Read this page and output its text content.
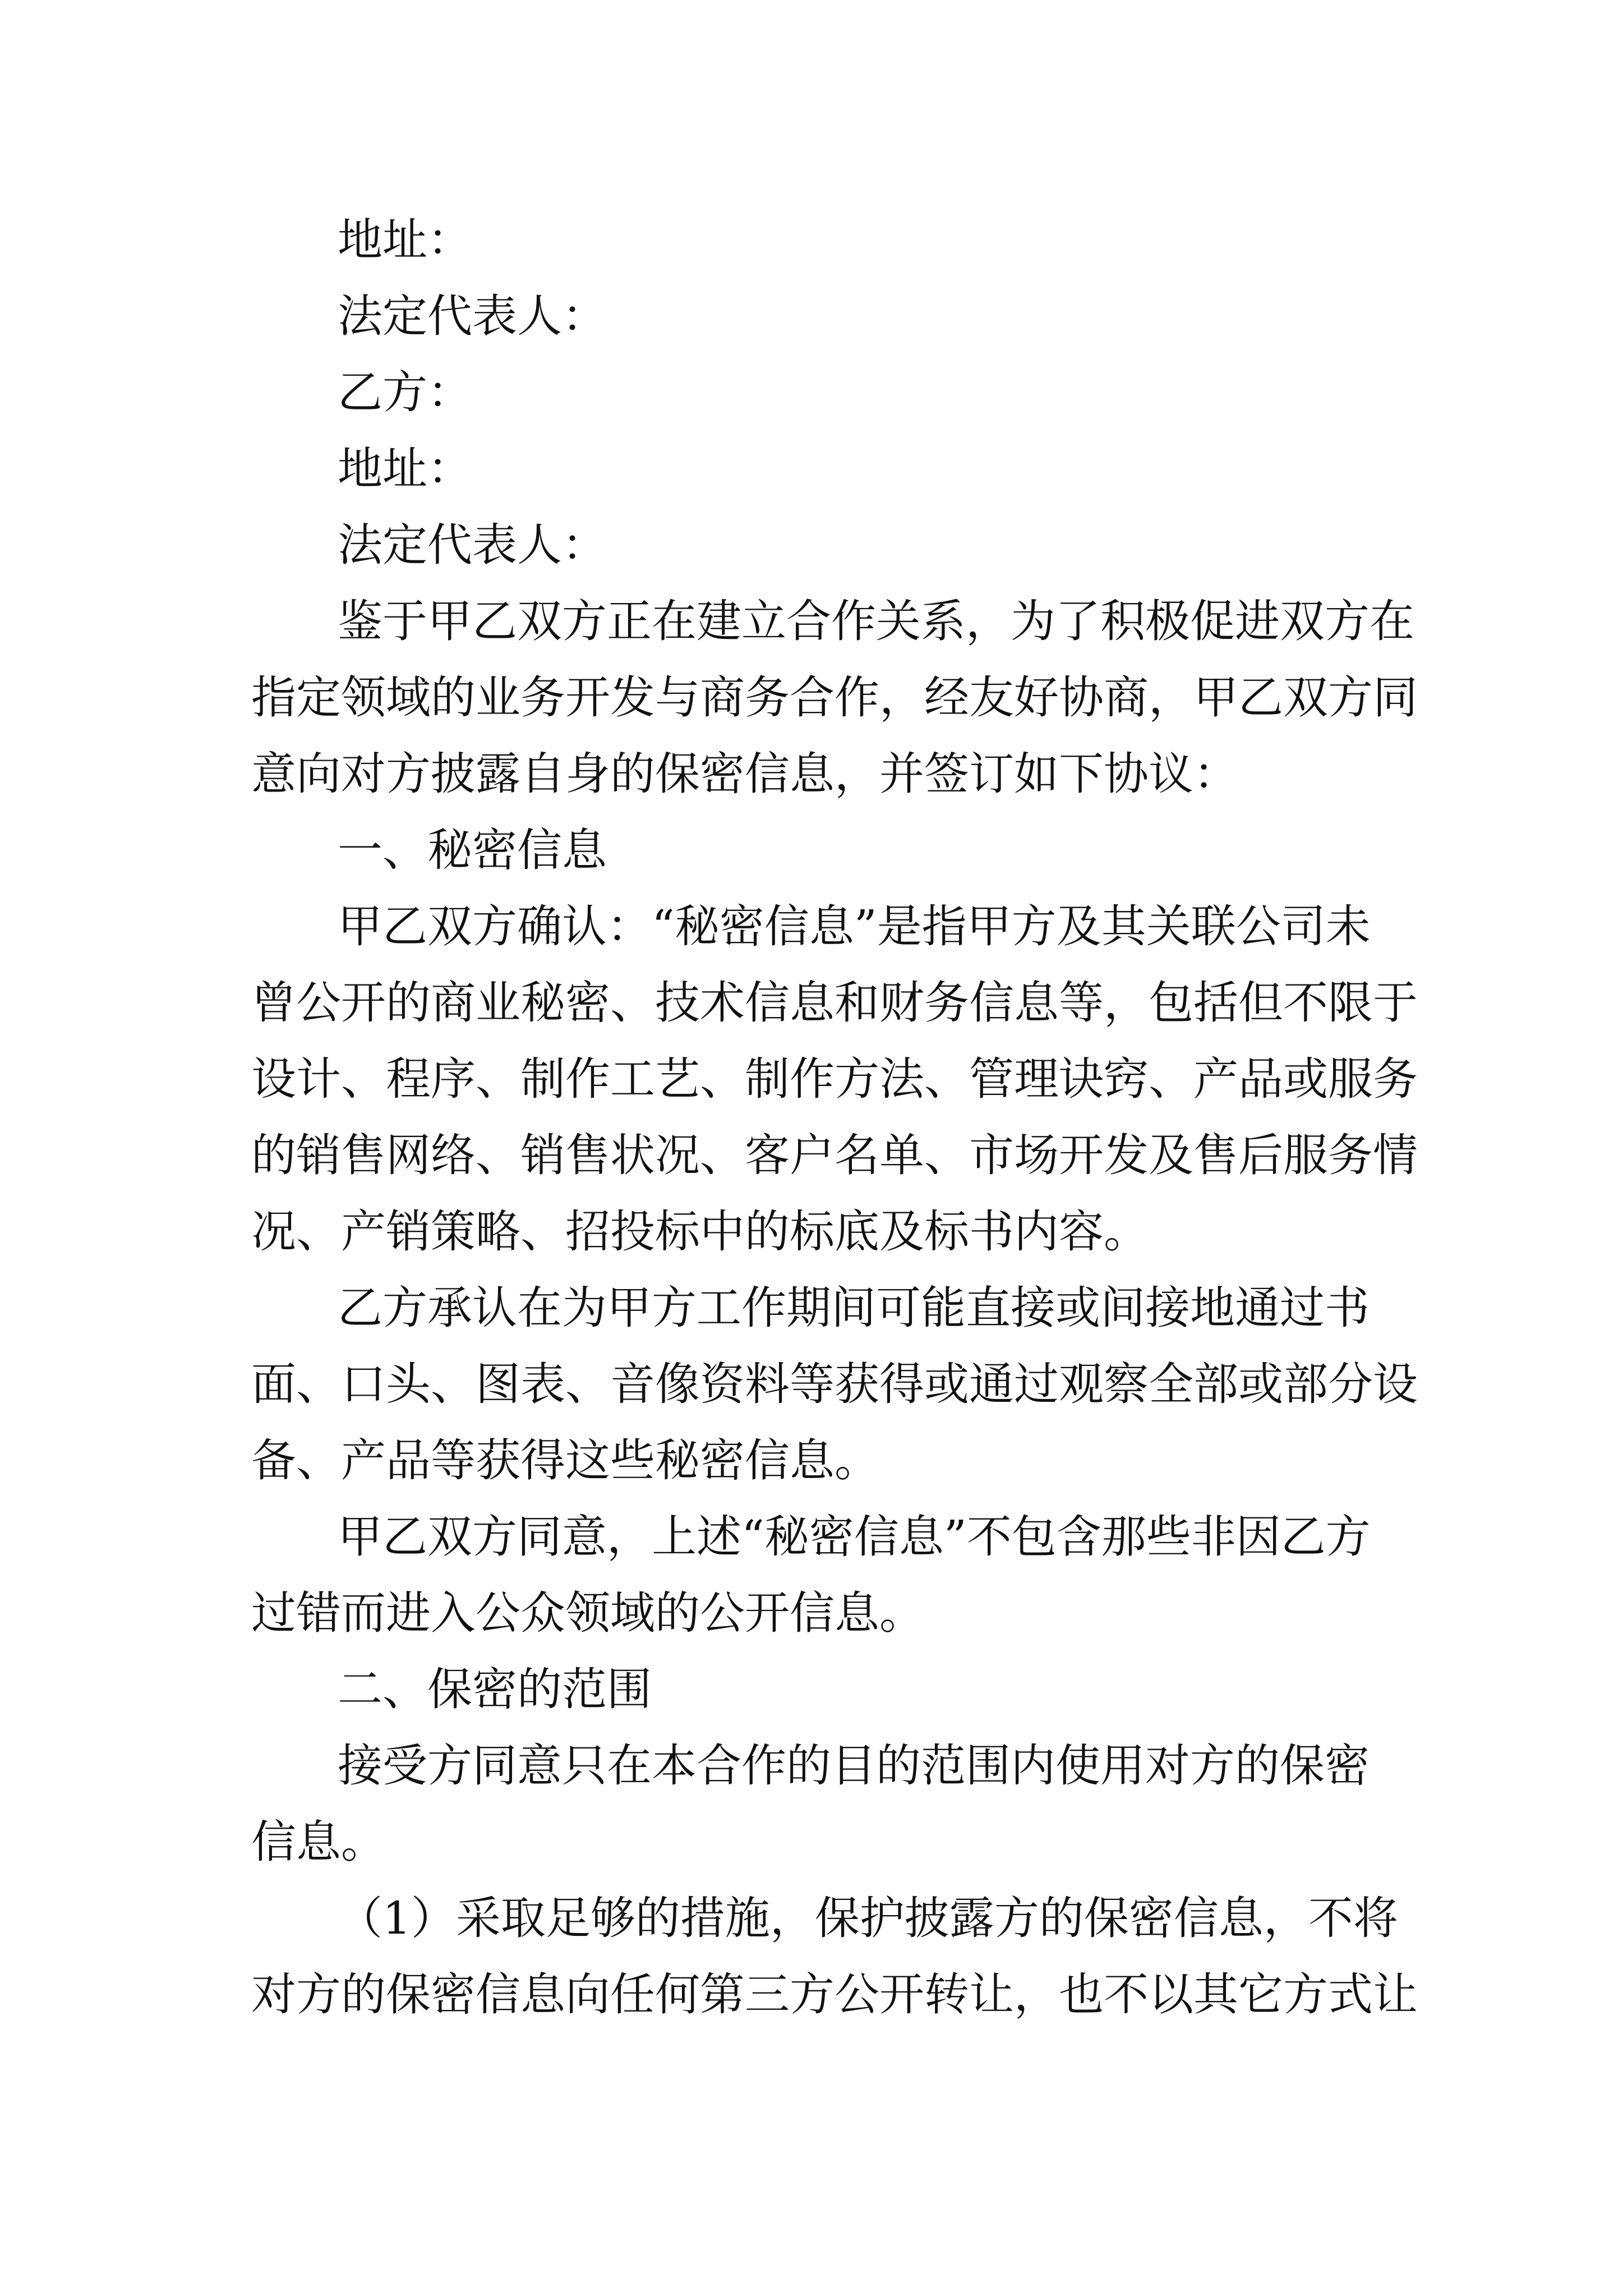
地址：
法定代表人：
乙方：
地址：
法定代表人：
鉴于甲乙双方正在建立合作关系，为了积极促进双方在
指定领域的业务开发与商务合作，经友好协商，甲乙双方同
意向对方披露自身的保密信息，并签订如下协议：
一、秘密信息
甲乙双方确认：“秘密信息”是指甲方及其关联公司未
曾公开的商业秘密、技术信息和财务信息等，包括但不限于
设计、程序、制作工艺、制作方法、管理诀窍、产品或服务
的销售网络、销售状况、客户名单、市场开发及售后服务情
况、产销策略、招投标中的标底及标书内容。
乙方承认在为甲方工作期间可能直接或间接地通过书
面、口头、图表、音像资料等获得或通过观察全部或部分设
备、产品等获得这些秘密信息。
甲乙双方同意，上述“秘密信息”不包含那些非因乙方
过错而进入公众领域的公开信息。
二、保密的范围
接受方同意只在本合作的目的范围内使用对方的保密
信息。
（1）采取足够的措施，保护披露方的保密信息，不将
对方的保密信息向任何第三方公开转让，也不以其它方式让
